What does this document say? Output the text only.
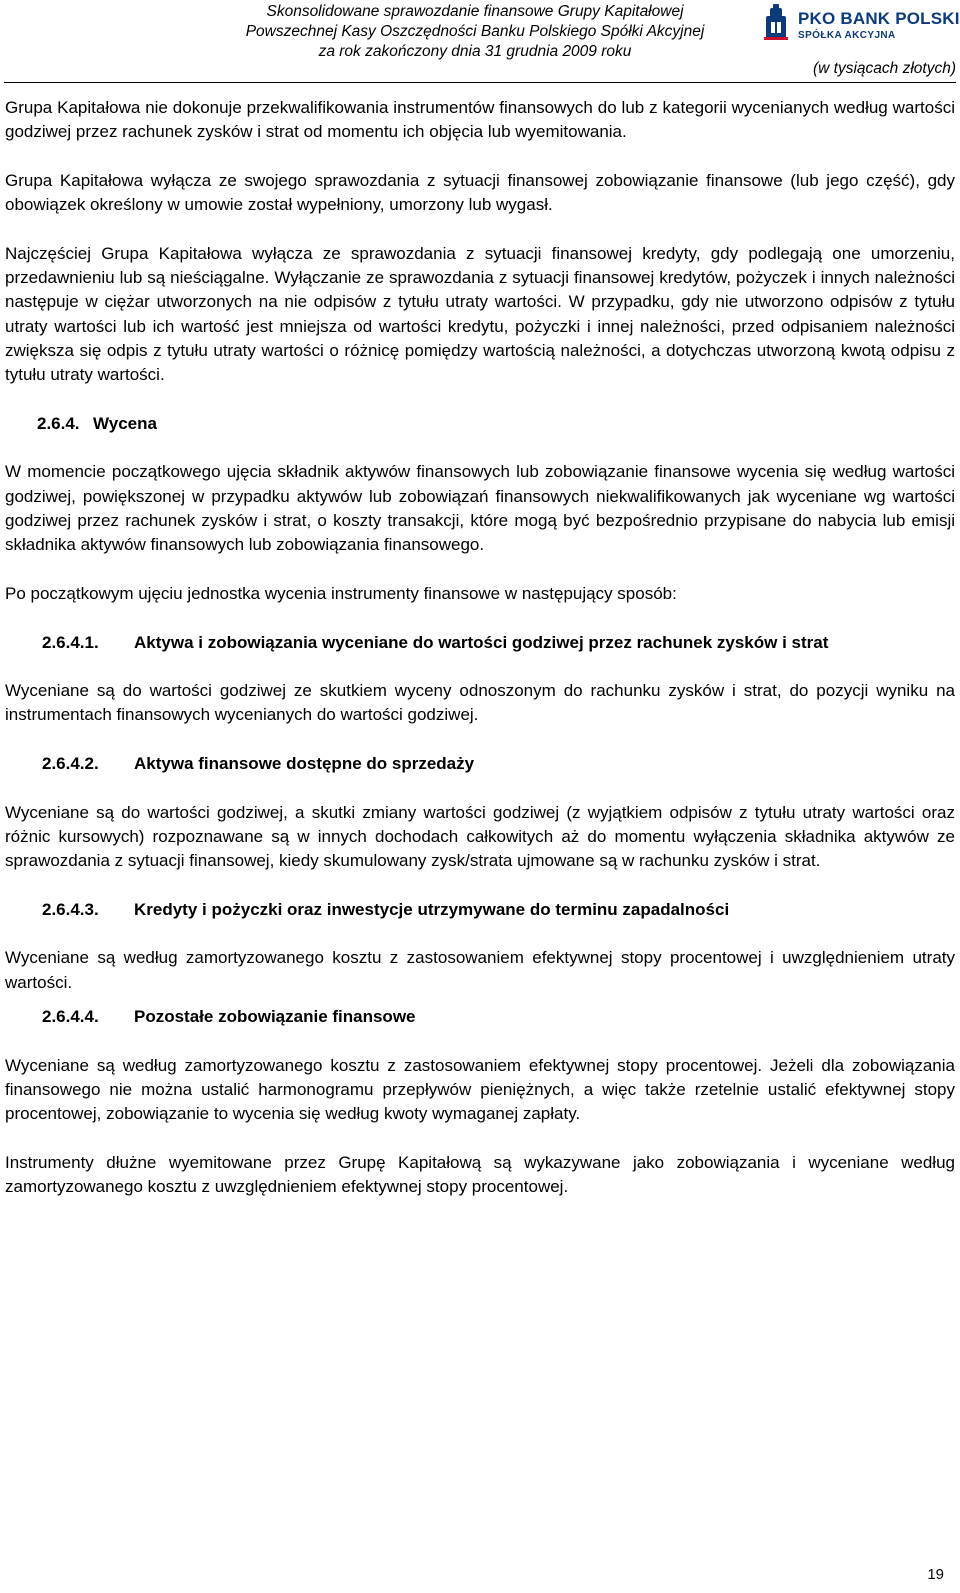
Skonsolidowane sprawozdanie finansowe Grupy Kapitałowej
Powszechnej Kasy Oszczędności Banku Polskiego Spółki Akcyjnej
za rok zakończony dnia 31 grudnia 2009 roku
PKO BANK POLSKI
SPÓŁKA AKCYJNA
(w tysiącach złotych)

Grupa Kapitałowa nie dokonuje przekwalifikowania instrumentów finansowych do lub z kategorii wycenianych według wartości godziwej przez rachunek zysków i strat od momentu ich objęcia lub wyemitowania.

Grupa Kapitałowa wyłącza ze swojego sprawozdania z sytuacji finansowej zobowiązanie finansowe (lub jego część), gdy obowiązek określony w umowie został wypełniony, umorzony lub wygasł.

Najczęściej Grupa Kapitałowa wyłącza ze sprawozdania z sytuacji finansowej kredyty, gdy podlegają one umorzeniu, przedawnieniu lub są nieściągalne. Wyłączanie ze sprawozdania z sytuacji finansowej kredytów, pożyczek i innych należności następuje w ciężar utworzonych na nie odpisów z tytułu utraty wartości. W przypadku, gdy nie utworzono odpisów z tytułu utraty wartości lub ich wartość jest mniejsza od wartości kredytu, pożyczki i innej należności, przed odpisaniem należności zwiększa się odpis z tytułu utraty wartości o różnicę pomiędzy wartością należności, a dotychczas utworzoną kwotą odpisu z tytułu utraty wartości.

2.6.4. Wycena

W momencie początkowego ujęcia składnik aktywów finansowych lub zobowiązanie finansowe wycenia się według wartości godziwej, powiększonej w przypadku aktywów lub zobowiązań finansowych niekwalifikowanych jak wyceniane wg wartości godziwej przez rachunek zysków i strat, o koszty transakcji, które mogą być bezpośrednio przypisane do nabycia lub emisji składnika aktywów finansowych lub zobowiązania finansowego.

Po początkowym ujęciu jednostka wycenia instrumenty finansowe w następujący sposób:

2.6.4.1.	Aktywa i zobowiązania wyceniane do wartości godziwej przez rachunek zysków i strat

Wyceniane są do wartości godziwej ze skutkiem wyceny odnoszonym do rachunku zysków i strat, do pozycji wyniku na instrumentach finansowych wycenianych do wartości godziwej.

2.6.4.2.	Aktywa finansowe dostępne do sprzedaży

Wyceniane są do wartości godziwej, a skutki zmiany wartości godziwej (z wyjątkiem odpisów z tytułu utraty wartości oraz różnic kursowych) rozpoznawane są w innych dochodach całkowitych aż do momentu wyłączenia składnika aktywów ze sprawozdania z sytuacji finansowej, kiedy skumulowany zysk/strata ujmowane są w rachunku zysków i strat.

2.6.4.3.	Kredyty i pożyczki oraz inwestycje utrzymywane do terminu zapadalności

Wyceniane są według zamortyzowanego kosztu z zastosowaniem efektywnej stopy procentowej i uwzględnieniem utraty wartości.

2.6.4.4.	Pozostałe zobowiązanie finansowe

Wyceniane są według zamortyzowanego kosztu z zastosowaniem efektywnej stopy procentowej. Jeżeli dla zobowiązania finansowego nie można ustalić harmonogramu przepływów pieniężnych, a więc także rzetelnie ustalić efektywnej stopy procentowej, zobowiązanie to wycenia się według kwoty wymaganej zapłaty.

Instrumenty dłużne wyemitowane przez Grupę Kapitałową są wykazywane jako zobowiązania i wyceniane według zamortyzowanego kosztu z uwzględnieniem efektywnej stopy procentowej.

19
